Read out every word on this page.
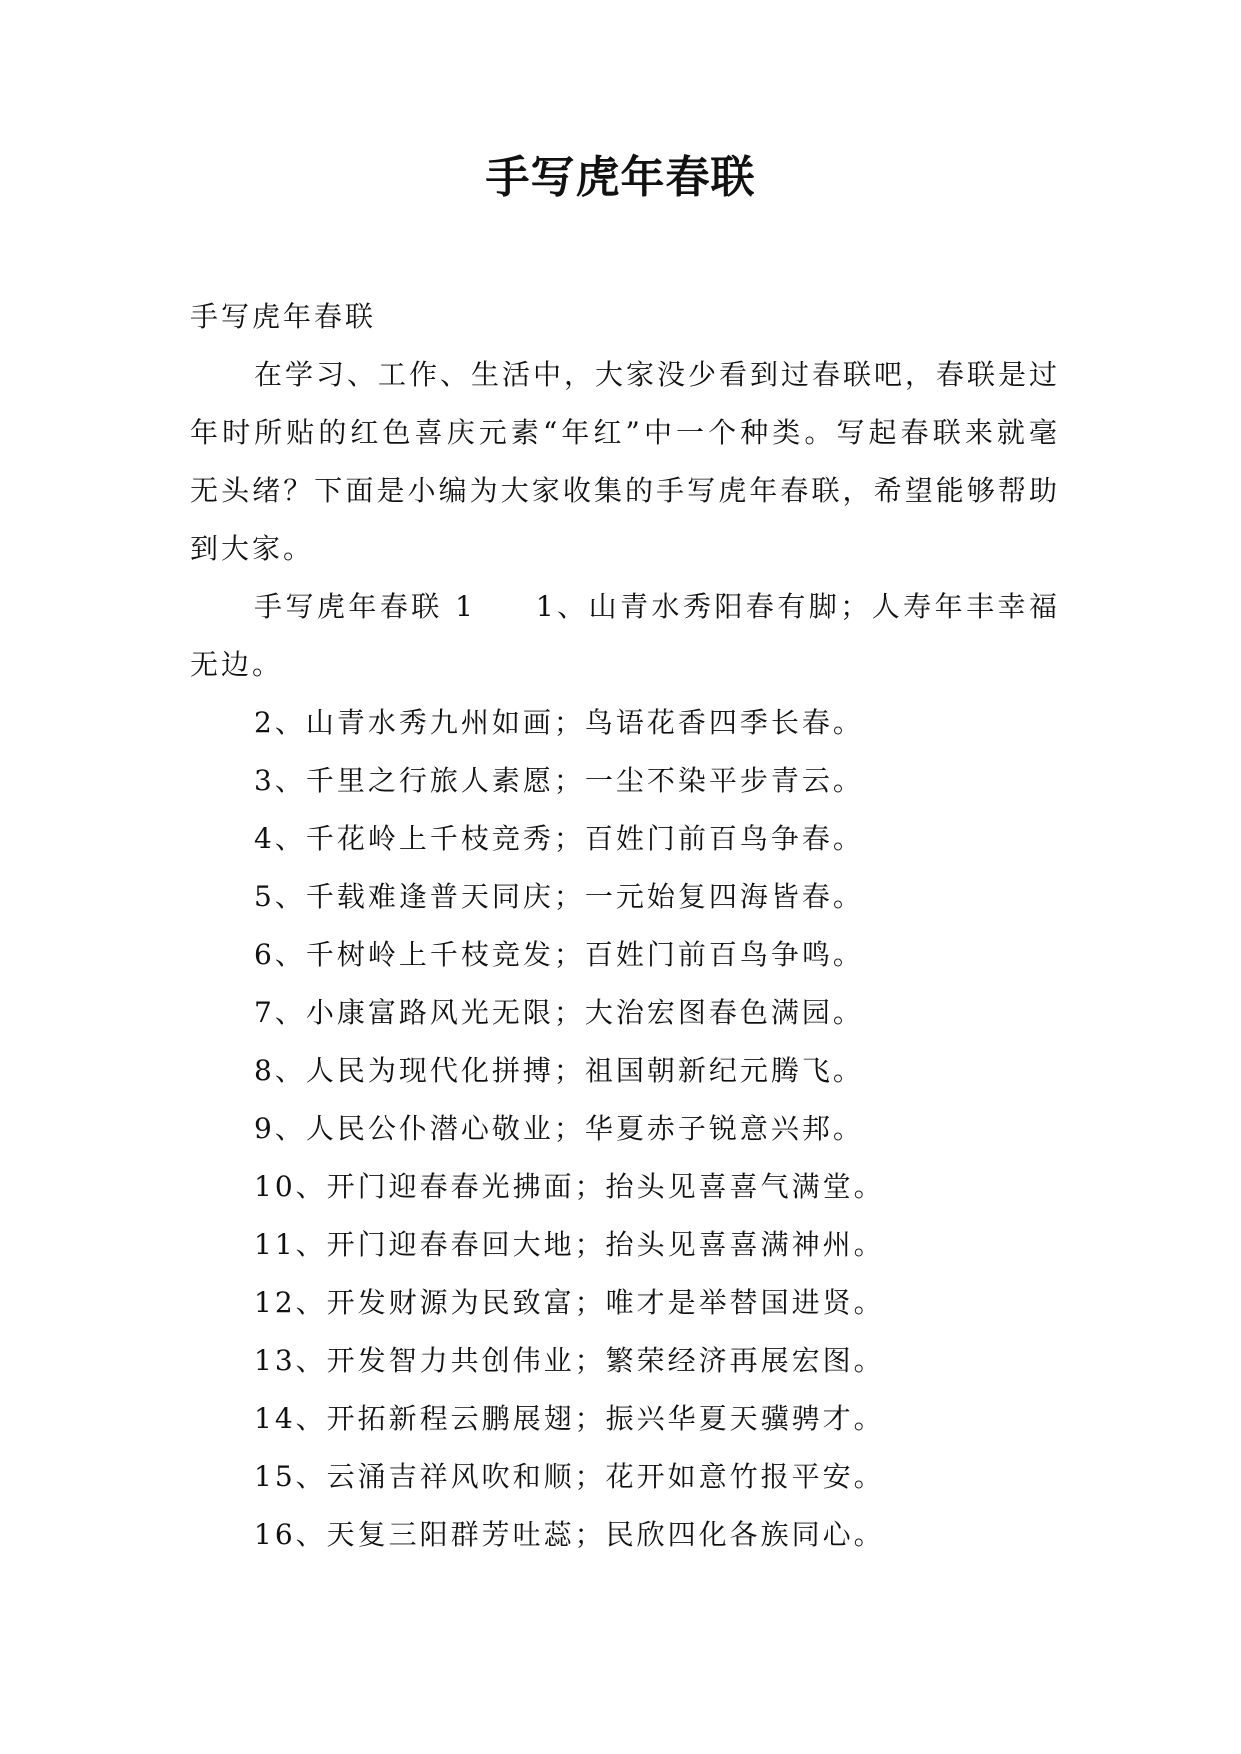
手写虎年春联

手写虎年春联

在学习、工作、生活中，大家没少看到过春联吧，春联是过年时所贴的红色喜庆元素“年红”中一个种类。写起春联来就毫无头绪？下面是小编为大家收集的手写虎年春联，希望能够帮助到大家。

手写虎年春联 1 1、山青水秀阳春有脚；人寿年丰幸福无边。

2、山青水秀九州如画；鸟语花香四季长春。

3、千里之行旅人素愿；一尘不染平步青云。

4、千花岭上千枝竞秀；百姓门前百鸟争春。

5、千载难逢普天同庆；一元始复四海皆春。

6、千树岭上千枝竞发；百姓门前百鸟争鸣。

7、小康富路风光无限；大治宏图春色满园。

8、人民为现代化拼搏；祖国朝新纪元腾飞。

9、人民公仆潜心敬业；华夏赤子锐意兴邦。

10、开门迎春春光拂面；抬头见喜喜气满堂。

11、开门迎春春回大地；抬头见喜喜满神州。

12、开发财源为民致富；唯才是举替国进贤。

13、开发智力共创伟业；繁荣经济再展宏图。

14、开拓新程云鹏展翅；振兴华夏天骥骋才。

15、云涌吉祥风吹和顺；花开如意竹报平安。

16、天复三阳群芳吐蕊；民欣四化各族同心。
